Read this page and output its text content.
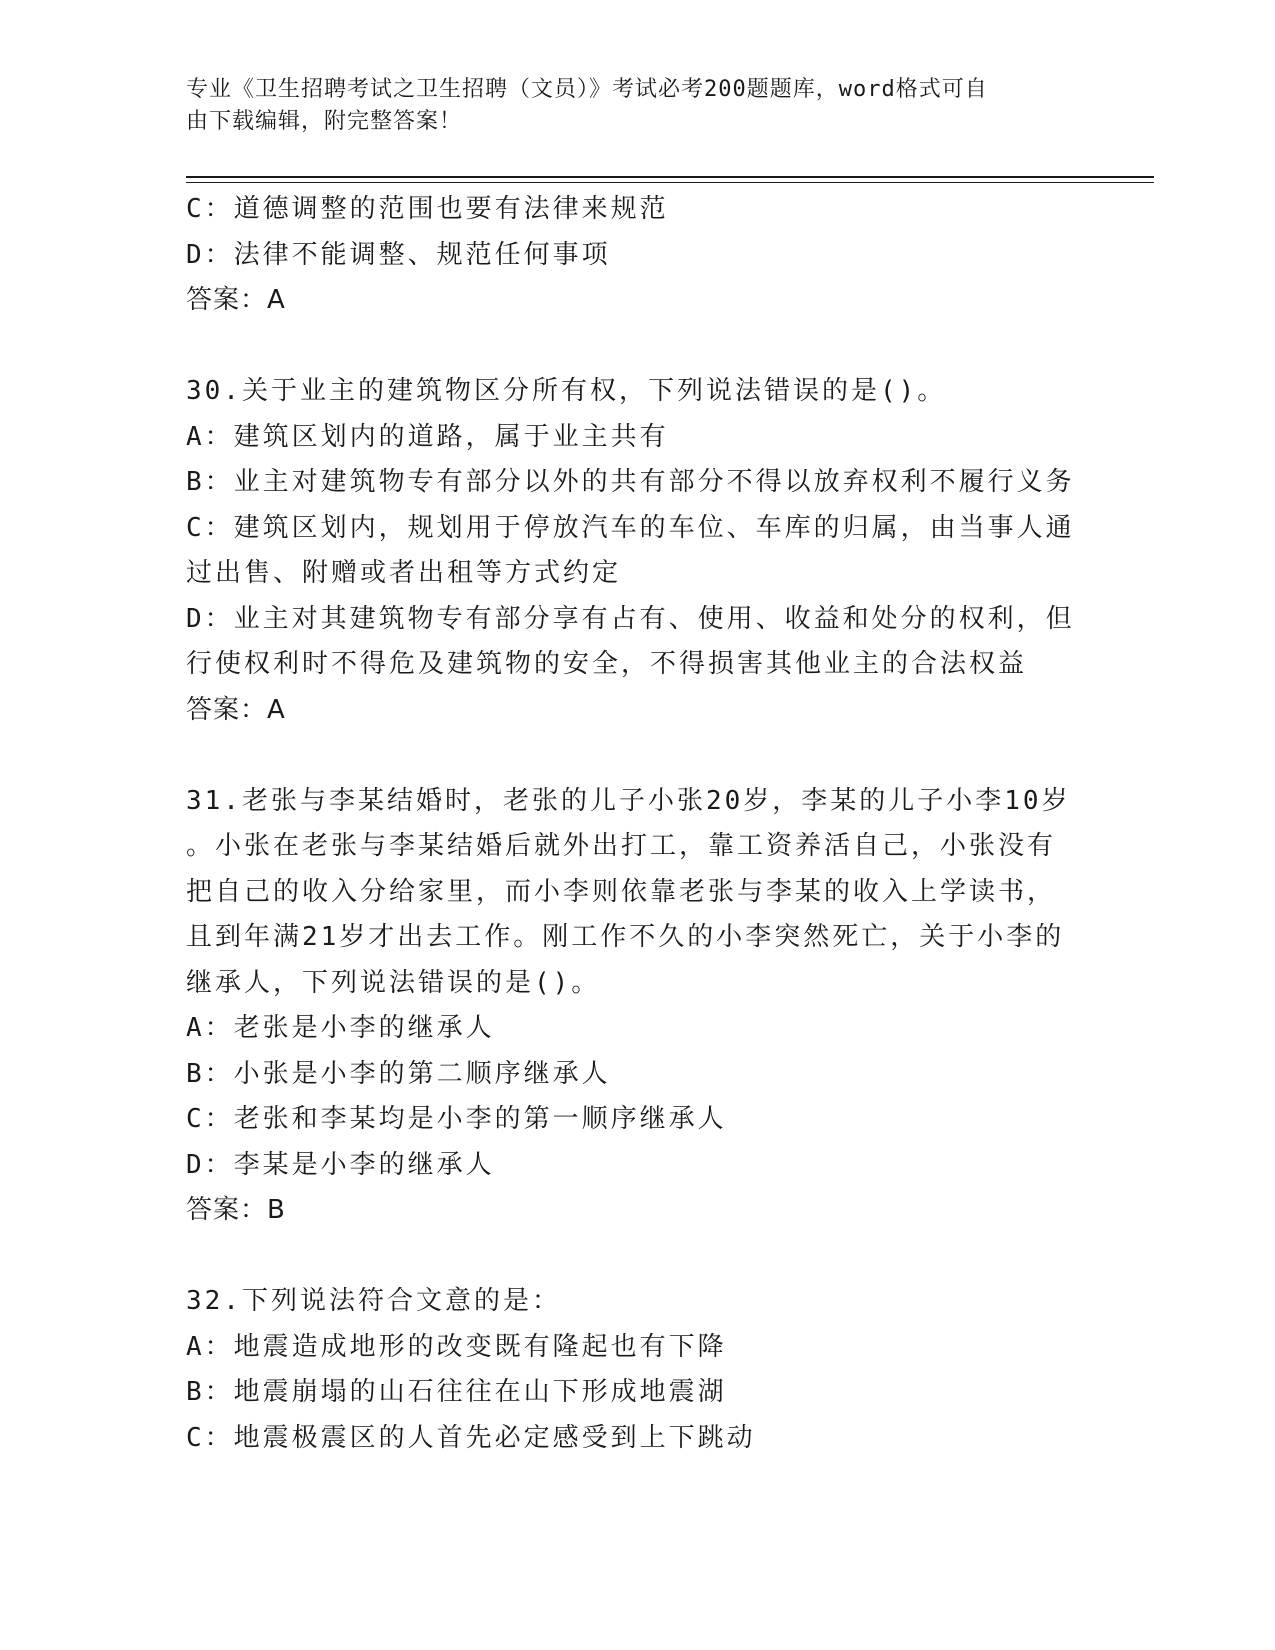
专业《卫生招聘考试之卫生招聘（文员）》考试必考200题题库，word格式可自
由下载编辑，附完整答案！
C：道德调整的范围也要有法律来规范
D：法律不能调整、规范任何事项
答案：A
30.关于业主的建筑物区分所有权，下列说法错误的是()。
A：建筑区划内的道路，属于业主共有
B：业主对建筑物专有部分以外的共有部分不得以放弃权利不履行义务
C：建筑区划内，规划用于停放汽车的车位、车库的归属，由当事人通
过出售、附赠或者出租等方式约定
D：业主对其建筑物专有部分享有占有、使用、收益和处分的权利，但
行使权利时不得危及建筑物的安全，不得损害其他业主的合法权益
答案：A
31.老张与李某结婚时，老张的儿子小张20岁，李某的儿子小李10岁
。小张在老张与李某结婚后就外出打工，靠工资养活自己，小张没有
把自己的收入分给家里，而小李则依靠老张与李某的收入上学读书，
且到年满21岁才出去工作。刚工作不久的小李突然死亡，关于小李的
继承人，下列说法错误的是()。
A：老张是小李的继承人
B：小张是小李的第二顺序继承人
C：老张和李某均是小李的第一顺序继承人
D：李某是小李的继承人
答案：B
32.下列说法符合文意的是：
A：地震造成地形的改变既有隆起也有下降
B：地震崩塌的山石往往在山下形成地震湖
C：地震极震区的人首先必定感受到上下跳动
